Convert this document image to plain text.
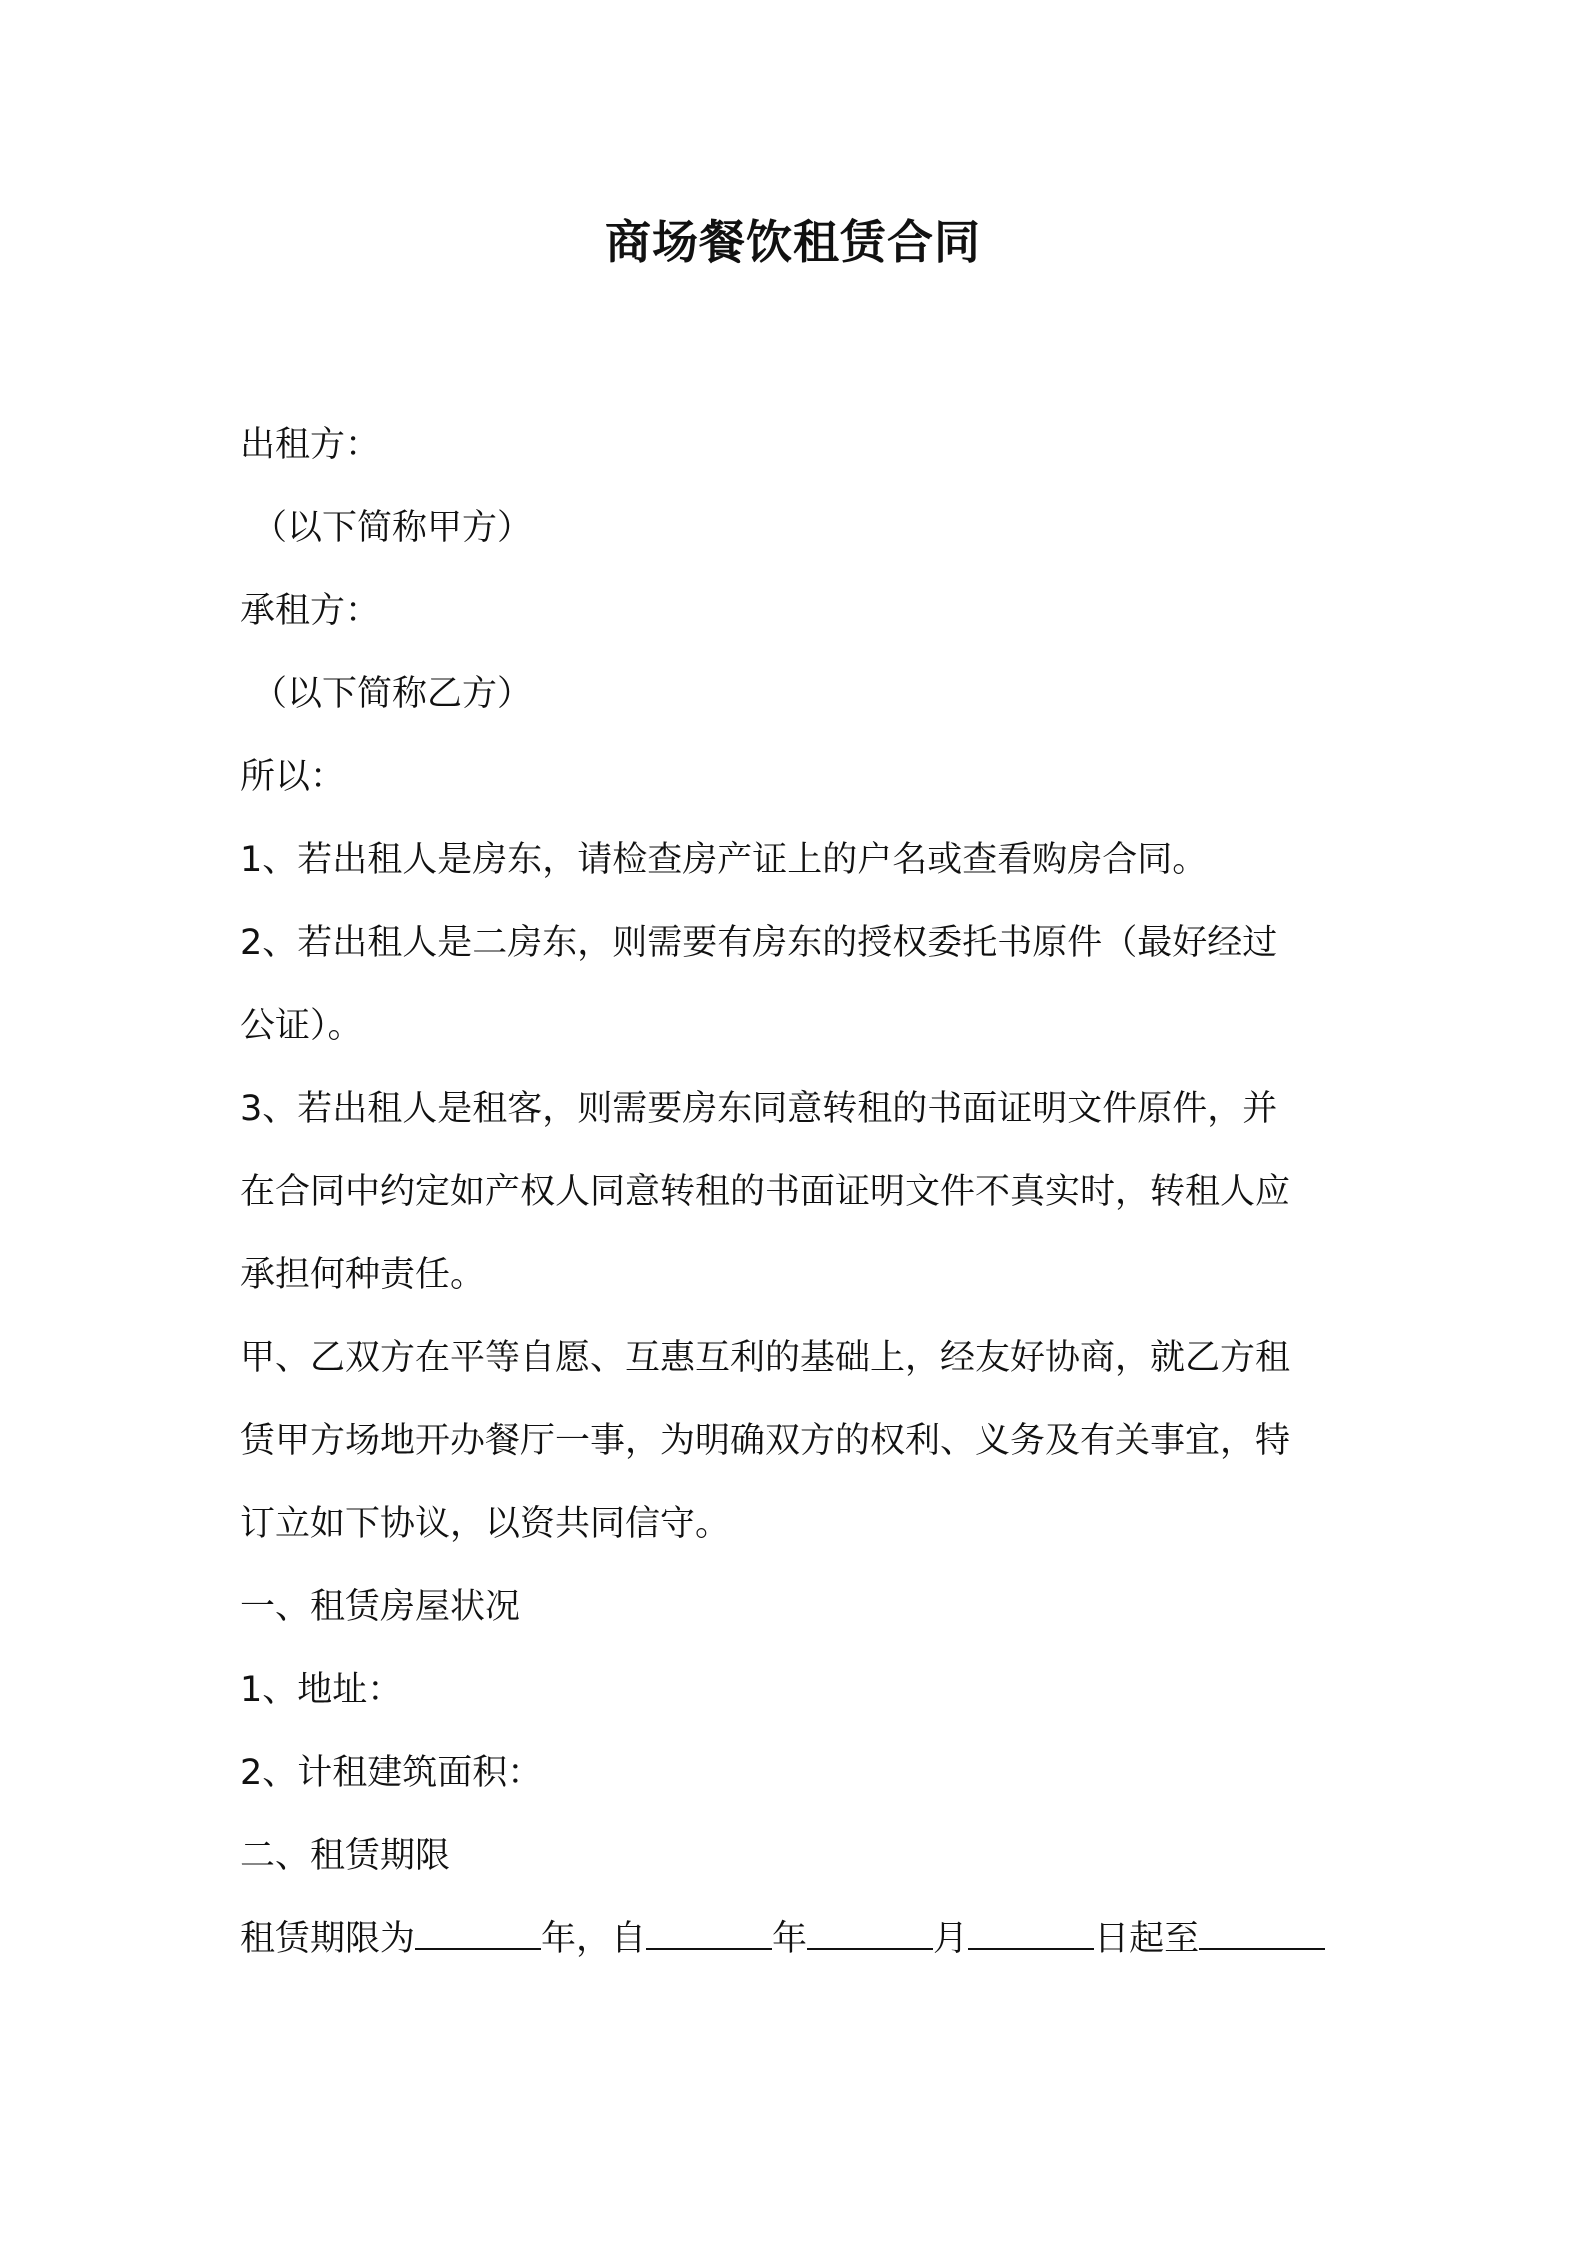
商场餐饮租赁合同
出租方：
（以下简称甲方）
承租方：
（以下简称乙方）
所以：
1、若出租人是房东，请检查房产证上的户名或查看购房合同。
2、若出租人是二房东，则需要有房东的授权委托书原件（最好经过
公证）。
3、若出租人是租客，则需要房东同意转租的书面证明文件原件，并
在合同中约定如产权人同意转租的书面证明文件不真实时，转租人应
承担何种责任。
甲、乙双方在平等自愿、互惠互利的基础上，经友好协商，就乙方租
赁甲方场地开办餐厅一事，为明确双方的权利、义务及有关事宜，特
订立如下协议，以资共同信守。
一、租赁房屋状况
1、地址：
2、计租建筑面积：
二、租赁期限
租赁期限为	年，自	年	月	日起至
